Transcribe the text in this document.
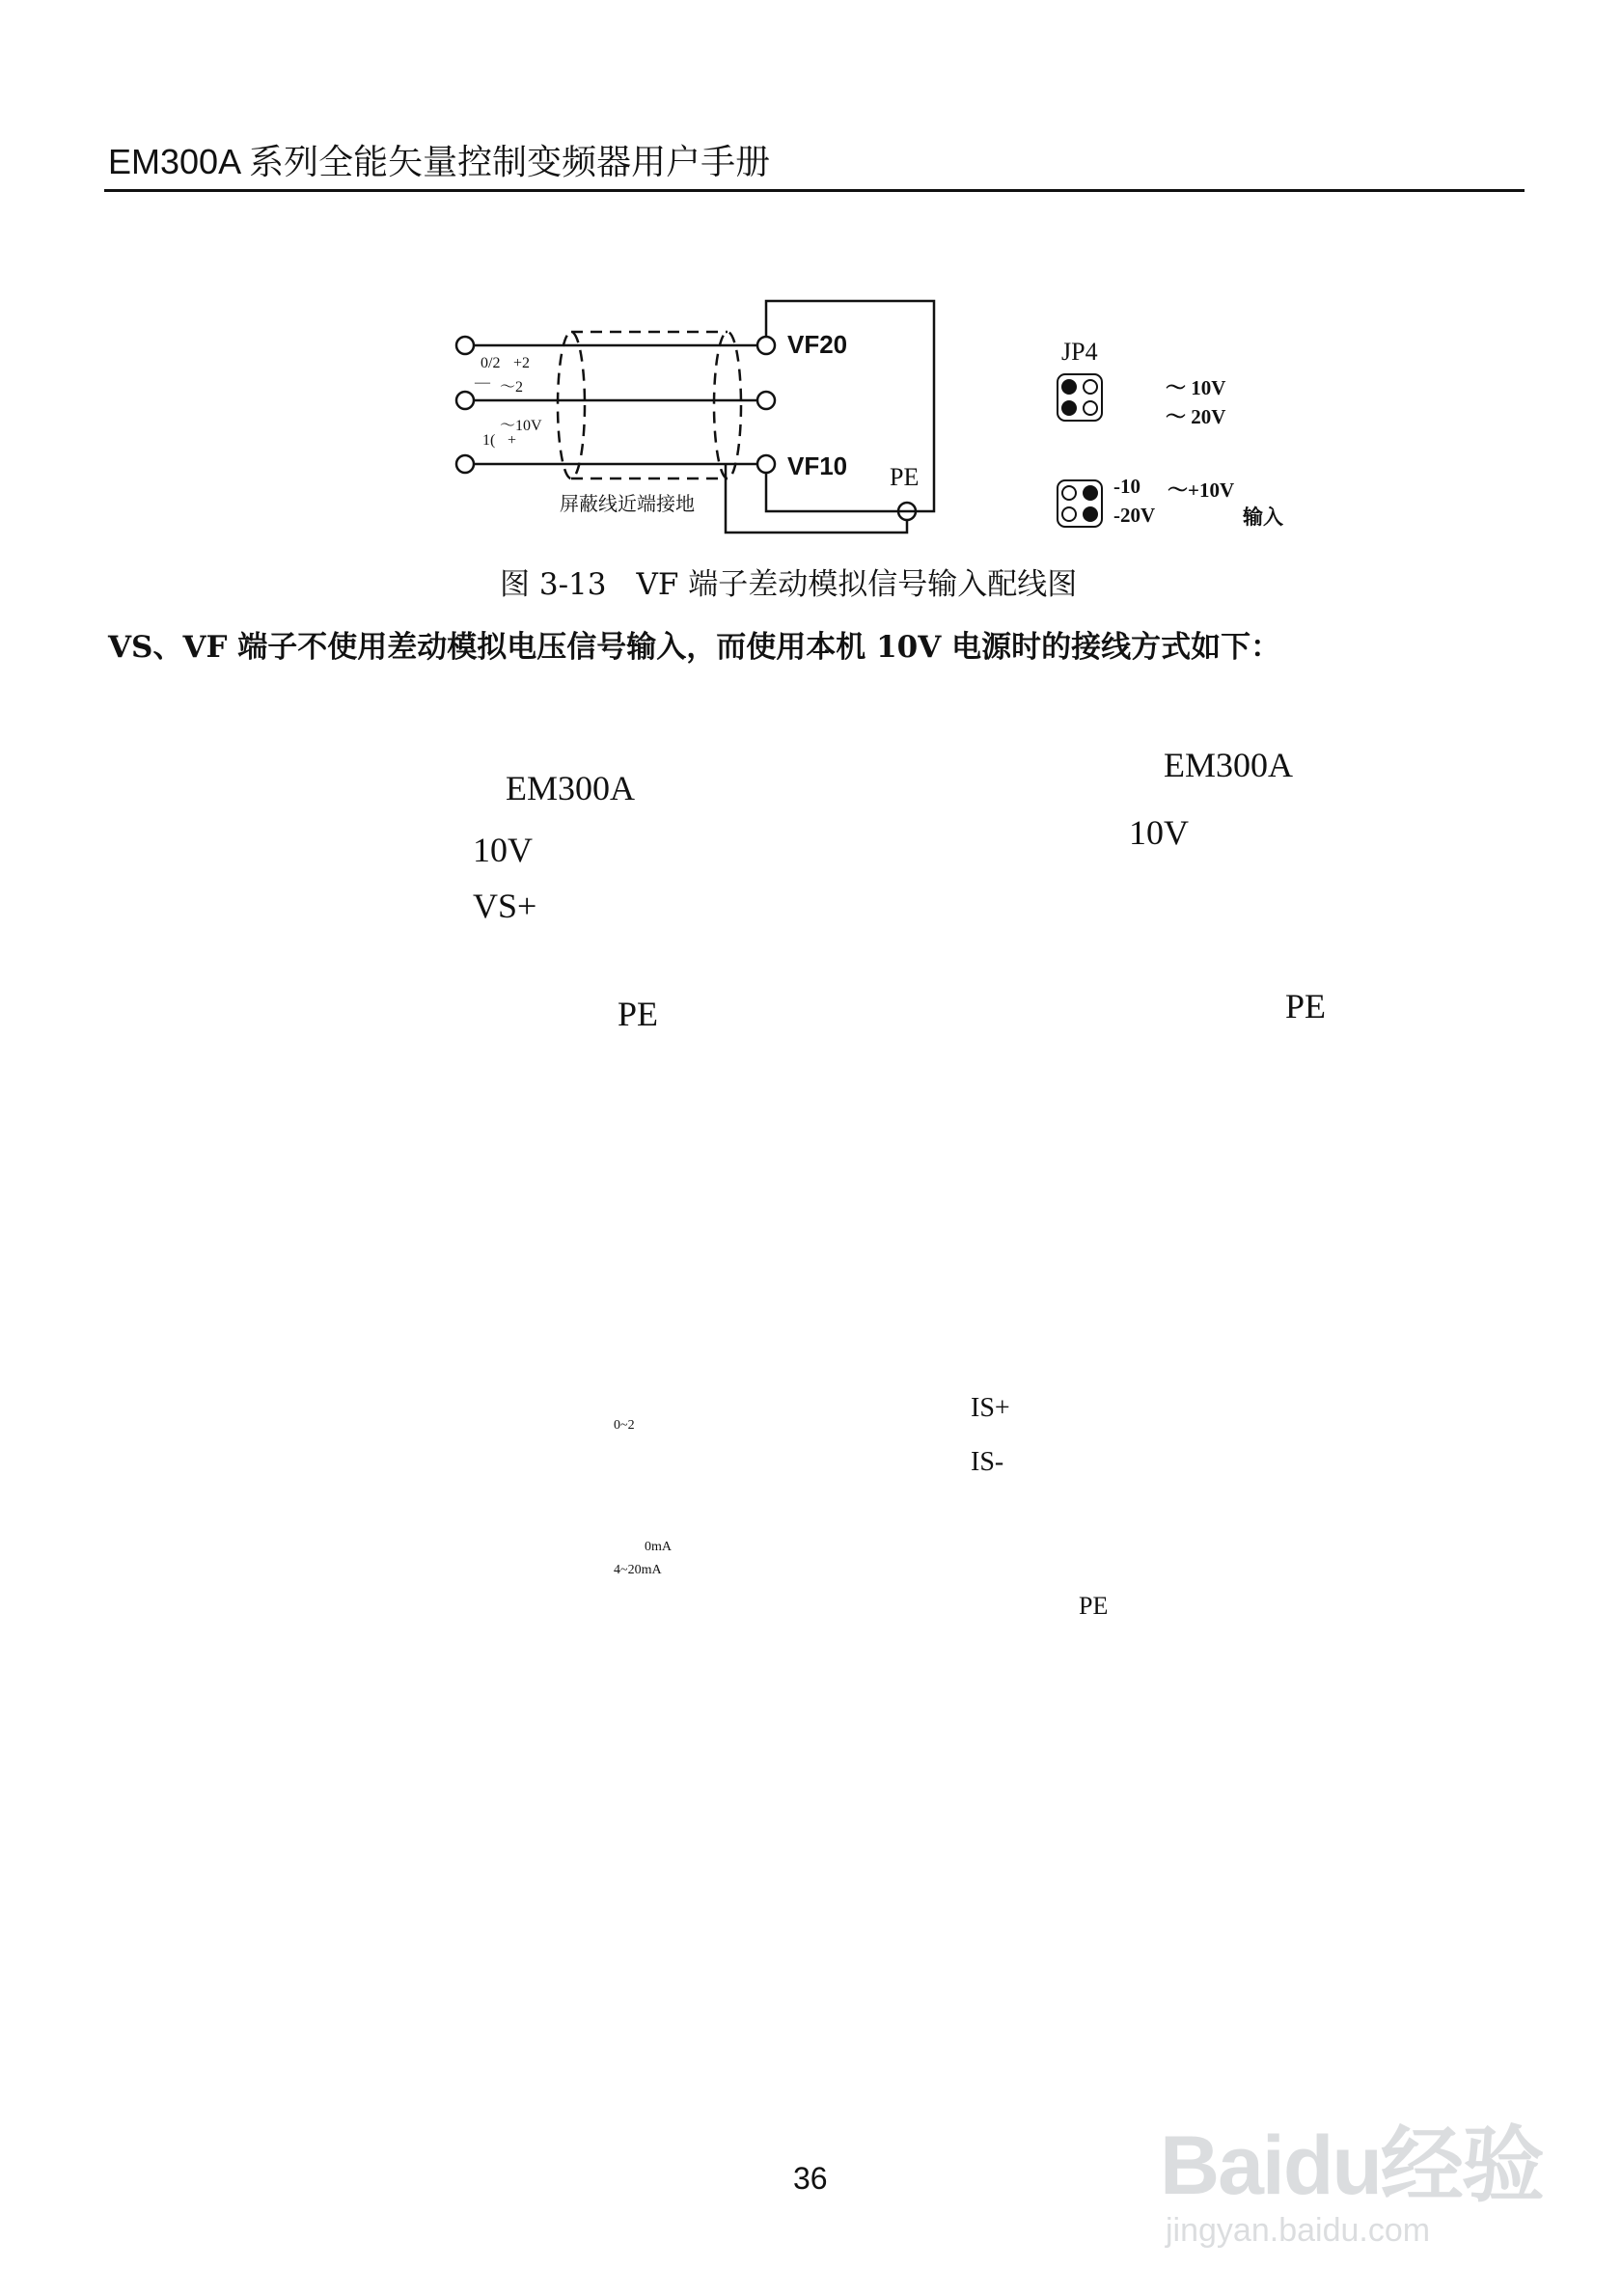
EM300A 系列全能矢量控制变频器用户手册
0/2 +2
— ～2
～10V
1( +
VF20
VF10 PE
屏蔽线近端接地
JP4
～ 10V
～ 20V
-10 ～+10V
-20V	输入
图 3-13　VF 端子差动模拟信号输入配线图
VS、VF 端子不使用差动模拟电压信号输入，而使用本机 10V 电源时的接线方式如下：
EM300A
10V
VS+
PE
EM300A
10V
PE
0~2
0mA
4~20mA
IS+
IS-
PE
36	Baidu经验
jingyan.baidu.com
